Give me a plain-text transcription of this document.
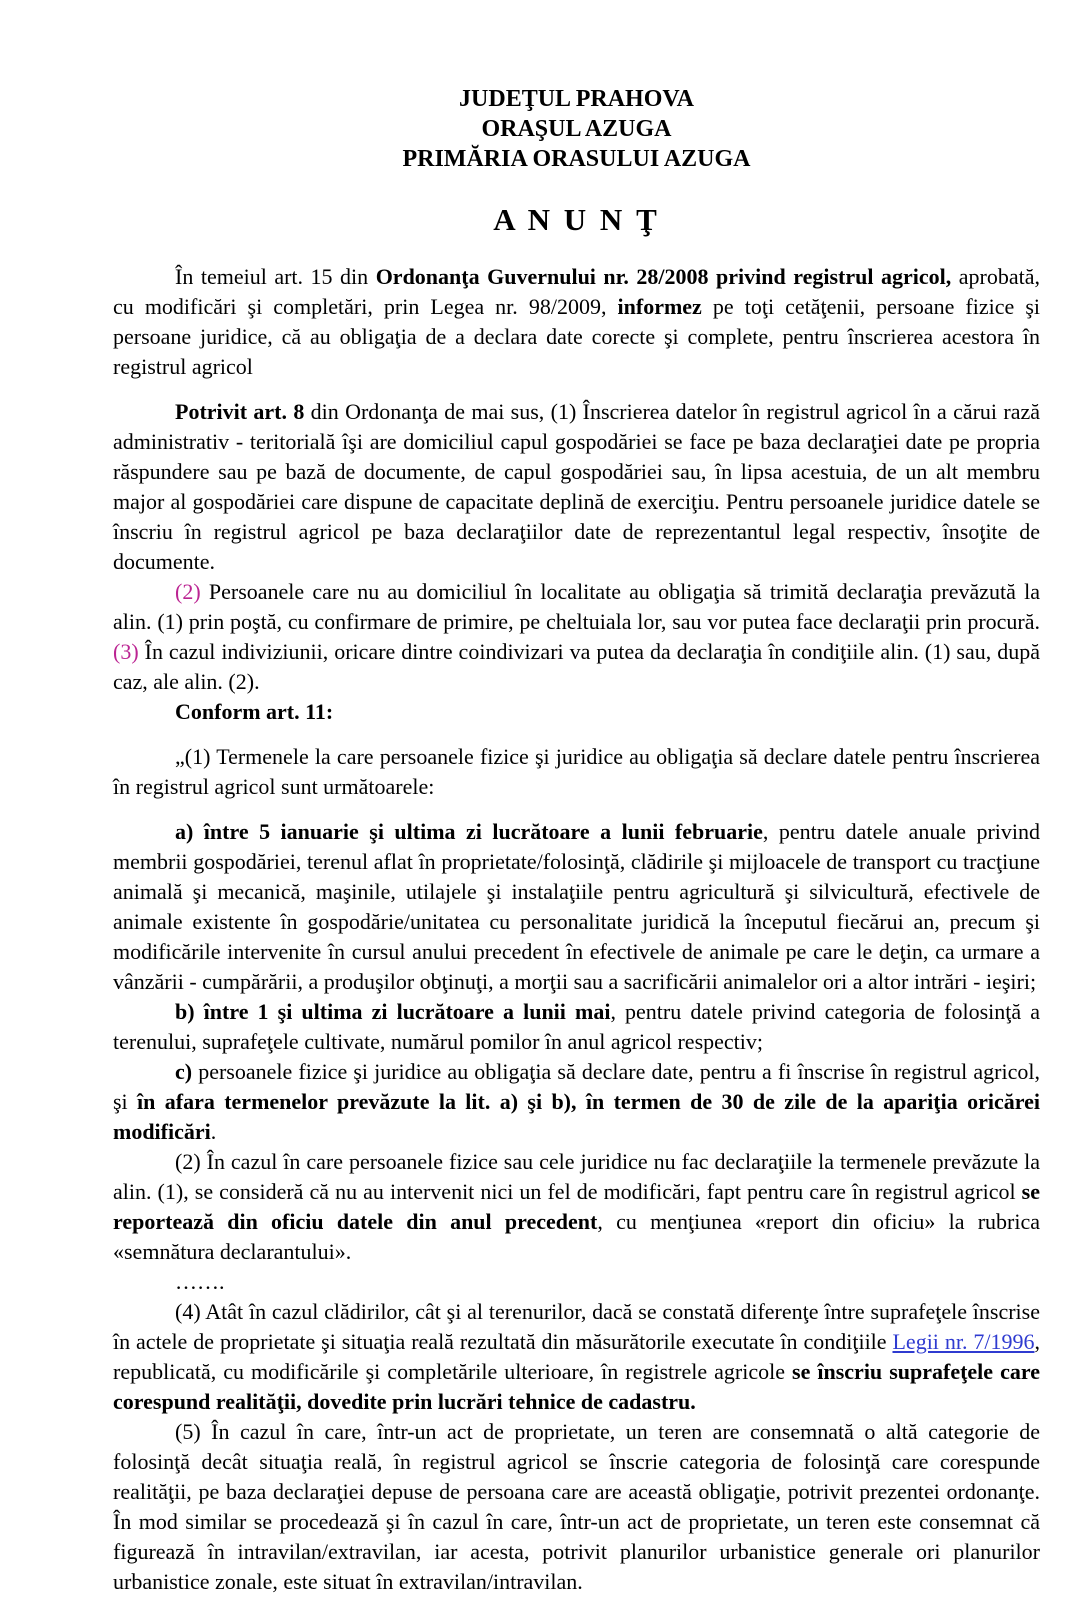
JUDEŢUL PRAHOVA
ORAŞUL AZUGA
PRIMĂRIA ORASULUI AZUGA
A N U N Ţ

În temeiul art. 15 din Ordonanţa Guvernului nr. 28/2008 privind registrul agricol, aprobată, cu modificări şi completări, prin Legea nr. 98/2009, informez pe toţi cetăţenii, persoane fizice şi persoane juridice, că au obligaţia de a declara date corecte şi complete, pentru înscrierea acestora în registrul agricol

Potrivit art. 8 din Ordonanţa de mai sus, (1) Înscrierea datelor în registrul agricol în a cărui rază administrativ - teritorială îşi are domiciliul capul gospodăriei se face pe baza declaraţiei date pe propria răspundere sau pe bază de documente, de capul gospodăriei sau, în lipsa acestuia, de un alt membru major al gospodăriei care dispune de capacitate deplină de exerciţiu. Pentru persoanele juridice datele se înscriu în registrul agricol pe baza declaraţiilor date de reprezentantul legal respectiv, însoţite de documente.

(2) Persoanele care nu au domiciliul în localitate au obligaţia să trimită declaraţia prevăzută la alin. (1) prin poştă, cu confirmare de primire, pe cheltuiala lor, sau vor putea face declaraţii prin procură. (3) În cazul indiviziunii, oricare dintre coindivizari va putea da declaraţia în condiţiile alin. (1) sau, după caz, ale alin. (2).

Conform art. 11:

„(1) Termenele la care persoanele fizice şi juridice au obligaţia să declare datele pentru înscrierea în registrul agricol sunt următoarele:

a) între 5 ianuarie şi ultima zi lucrătoare a lunii februarie, pentru datele anuale privind membrii gospodăriei, terenul aflat în proprietate/folosinţă, clădirile şi mijloacele de transport cu tracţiune animală şi mecanică, maşinile, utilajele şi instalaţiile pentru agricultură şi silvicultură, efectivele de animale existente în gospodărie/unitatea cu personalitate juridică la începutul fiecărui an, precum şi modificările intervenite în cursul anului precedent în efectivele de animale pe care le deţin, ca urmare a vânzării - cumpărării, a produşilor obţinuţi, a morţii sau a sacrificării animalelor ori a altor intrări - ieşiri;

b) între 1 şi ultima zi lucrătoare a lunii mai, pentru datele privind categoria de folosinţă a terenului, suprafeţele cultivate, numărul pomilor în anul agricol respectiv;

c) persoanele fizice şi juridice au obligaţia să declare date, pentru a fi înscrise în registrul agricol, şi în afara termenelor prevăzute la lit. a) şi b), în termen de 30 de zile de la apariţia oricărei modificări.

(2) În cazul în care persoanele fizice sau cele juridice nu fac declaraţiile la termenele prevăzute la alin. (1), se consideră că nu au intervenit nici un fel de modificări, fapt pentru care în registrul agricol se reportează din oficiu datele din anul precedent, cu menţiunea «report din oficiu» la rubrica «semnătura declarantului».

…….

(4) Atât în cazul clădirilor, cât şi al terenurilor, dacă se constată diferenţe între suprafeţele înscrise în actele de proprietate şi situaţia reală rezultată din măsurătorile executate în condiţiile Legii nr. 7/1996, republicată, cu modificările şi completările ulterioare, în registrele agricole se înscriu suprafeţele care corespund realităţii, dovedite prin lucrări tehnice de cadastru.

(5) În cazul în care, într-un act de proprietate, un teren are consemnată o altă categorie de folosinţă decât situaţia reală, în registrul agricol se înscrie categoria de folosinţă care corespunde realităţii, pe baza declaraţiei depuse de persoana care are această obligaţie, potrivit prezentei ordonanţe. În mod similar se procedează şi în cazul în care, într-un act de proprietate, un teren este consemnat că figurează în intravilan/extravilan, iar acesta, potrivit planurilor urbanistice generale ori planurilor urbanistice zonale, este situat în extravilan/intravilan.
